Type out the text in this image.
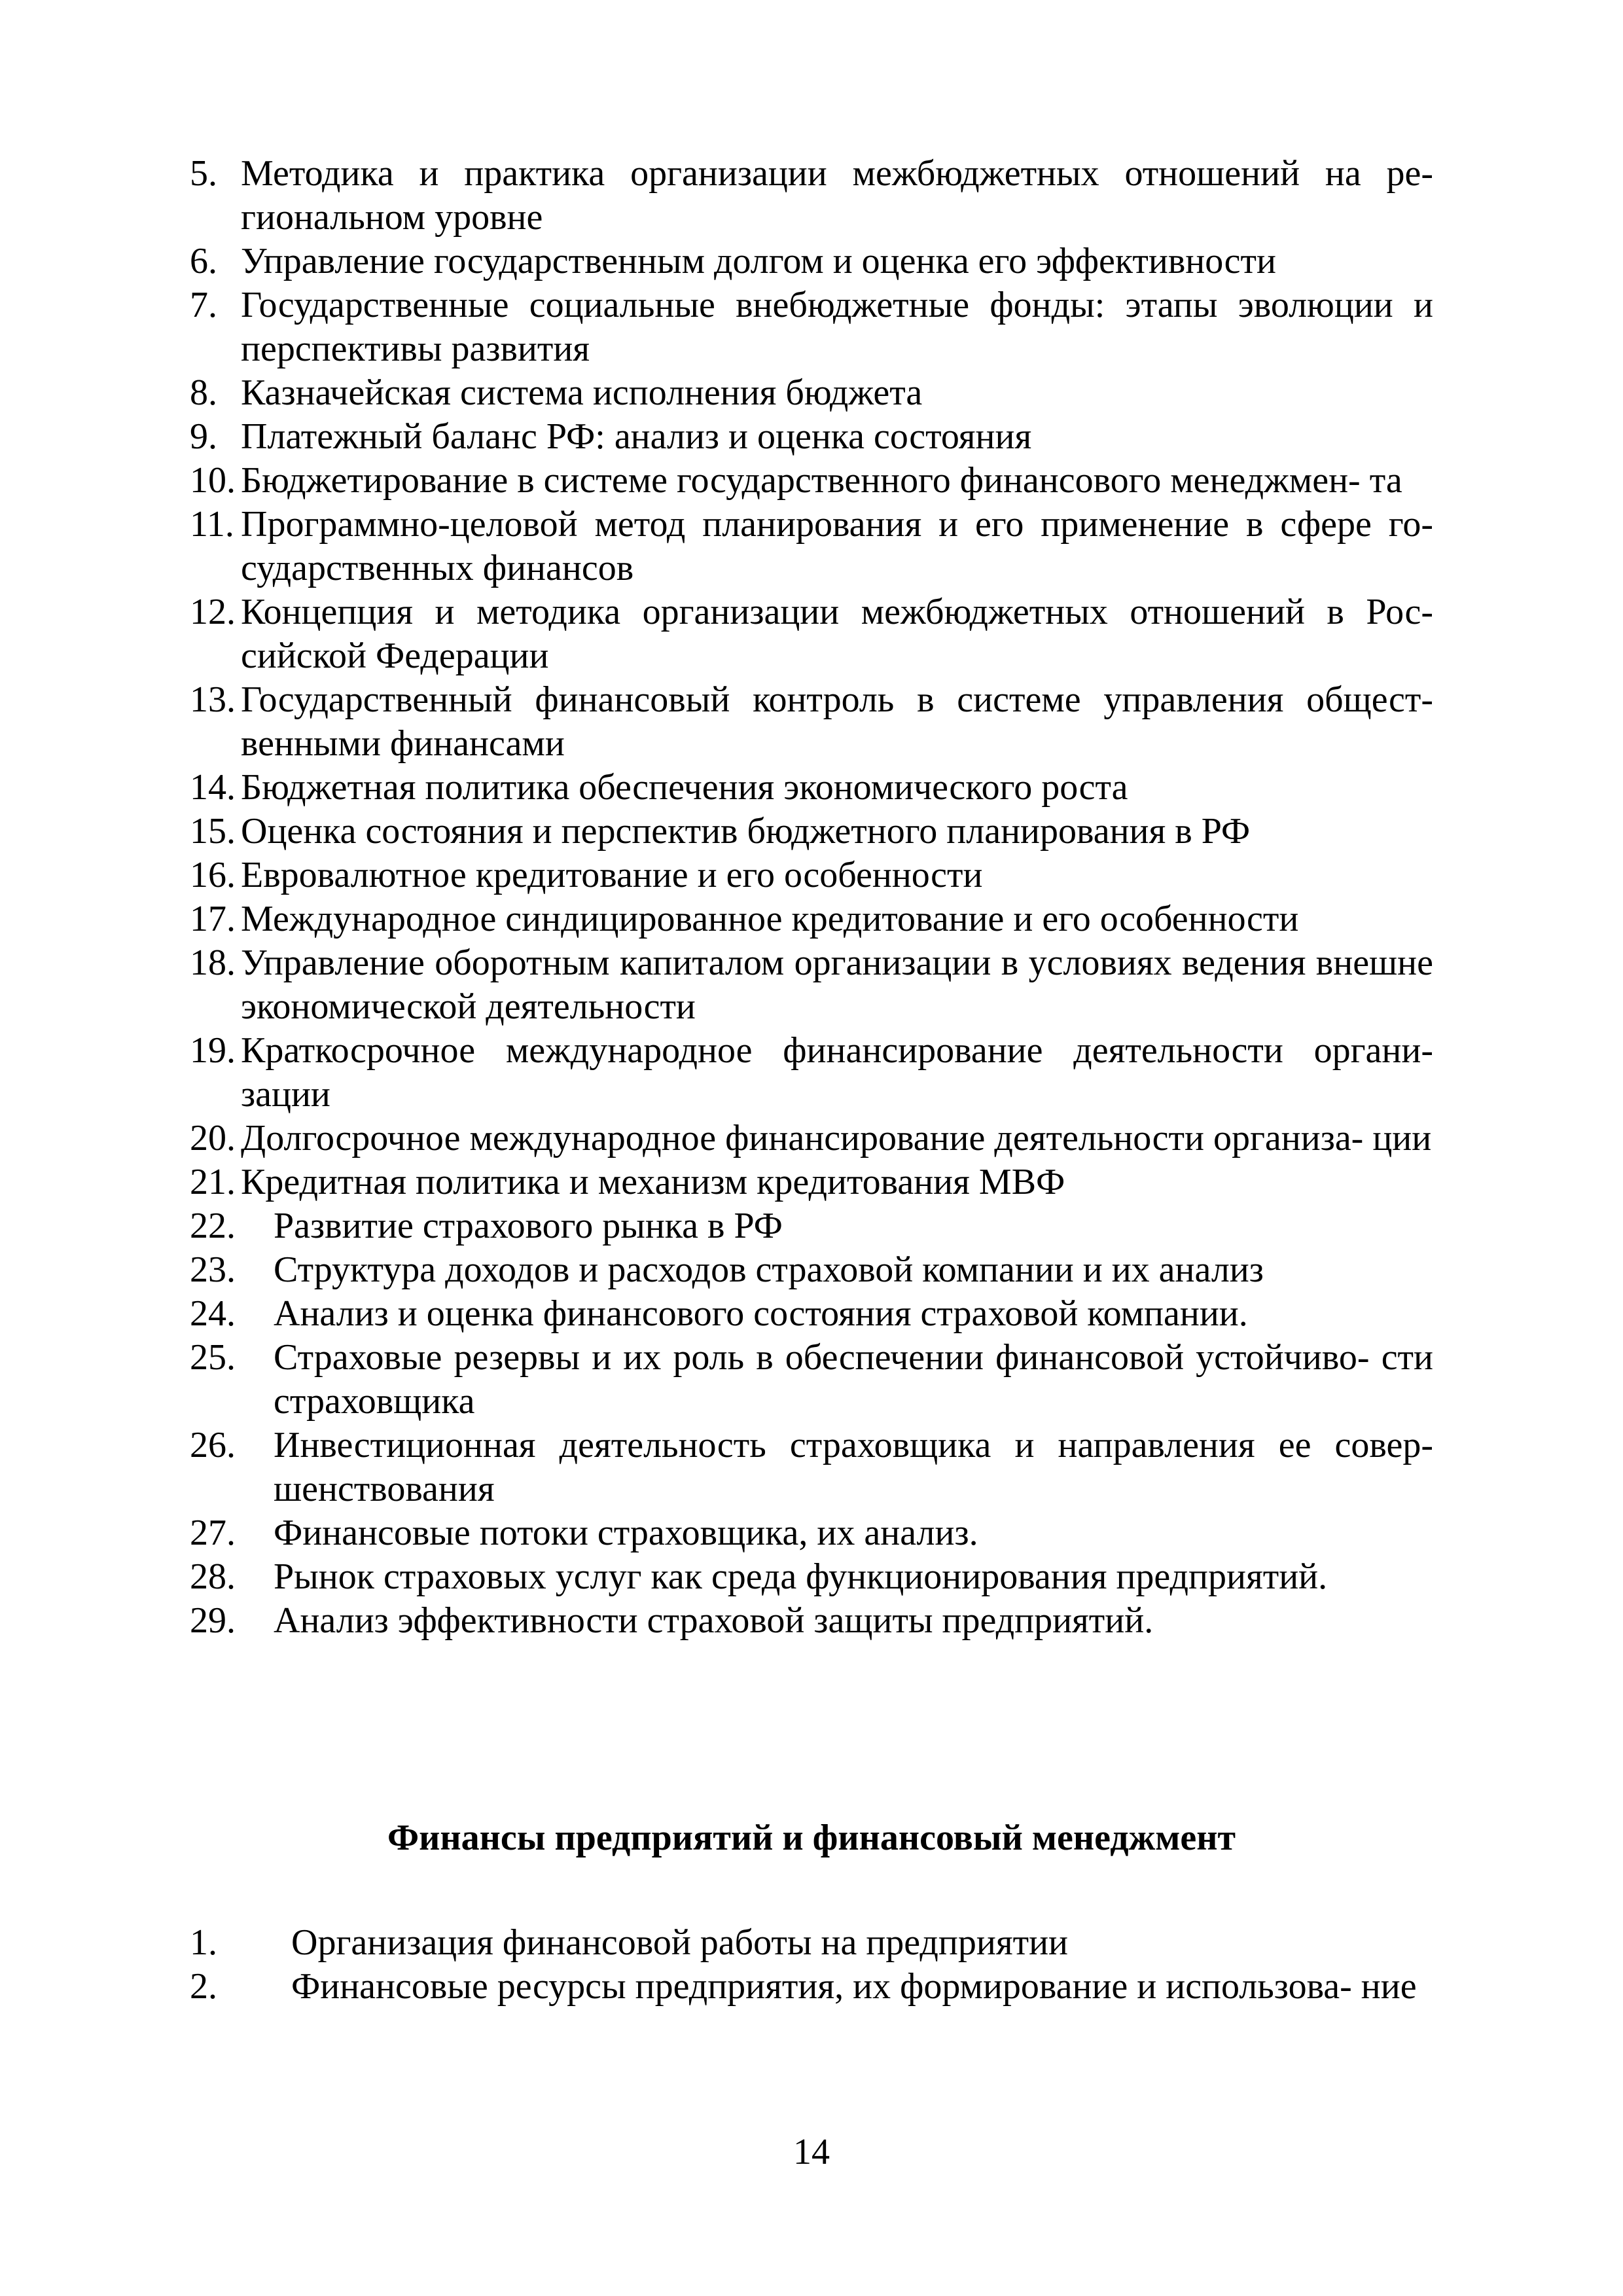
5. Методика и практика организации межбюджетных отношений на ре- гиональном уровне
6. Управление государственным долгом и оценка его эффективности
7. Государственные социальные внебюджетные фонды: этапы эволюции и перспективы развития
8. Казначейская система исполнения бюджета
9. Платежный баланс РФ: анализ и оценка состояния
10. Бюджетирование в системе государственного финансового менеджмен- та
11. Программно-целовой метод планирования и его применение в сфере го- сударственных финансов
12. Концепция и методика организации межбюджетных отношений в Рос- сийской Федерации
13. Государственный финансовый контроль в системе управления общест- венными финансами
14. Бюджетная политика обеспечения экономического роста
15. Оценка состояния и перспектив бюджетного планирования в РФ
16. Евровалютное кредитование и его особенности
17. Международное синдицированное кредитование и его особенности
18. Управление оборотным капиталом организации в условиях ведения внешне экономической деятельности
19. Краткосрочное международное финансирование деятельности органи- зации
20. Долгосрочное международное финансирование деятельности организа- ции
21. Кредитная политика и механизм кредитования МВФ
22. Развитие страхового рынка в РФ
23. Структура доходов и расходов страховой компании и их анализ
24. Анализ и оценка финансового состояния страховой компании.
25. Страховые резервы и их роль в обеспечении финансовой устойчиво- сти страховщика
26. Инвестиционная деятельность страховщика и направления ее совер- шенствования
27. Финансовые потоки страховщика, их анализ.
28. Рынок страховых услуг как среда функционирования предприятий.
29. Анализ эффективности страховой защиты предприятий.
Финансы предприятий и финансовый менеджмент
1. Организация финансовой работы на предприятии
2. Финансовые ресурсы предприятия, их формирование и использова- ние
14
